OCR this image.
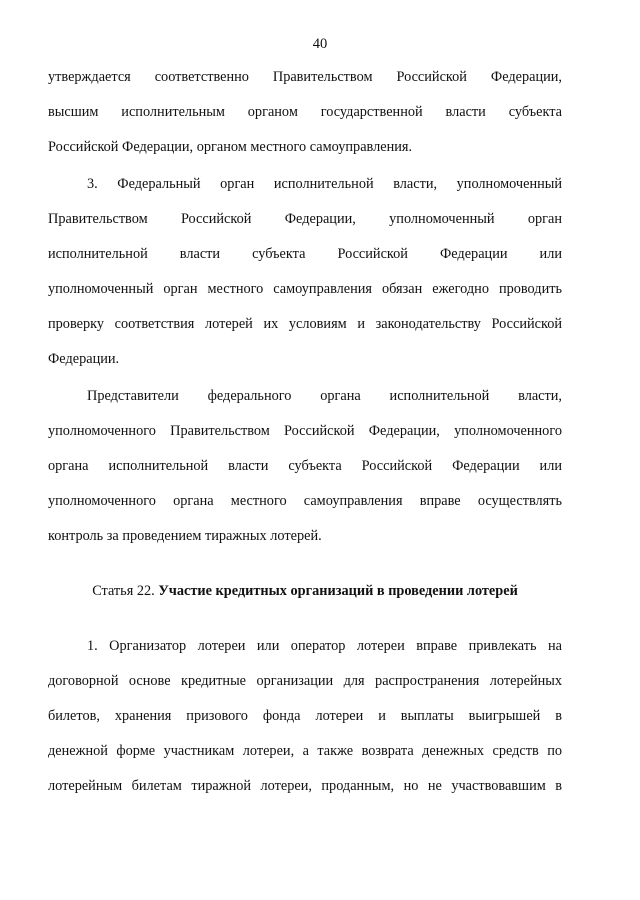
40
утверждается соответственно Правительством Российской Федерации,
высшим исполнительным органом государственной власти субъекта
Российской Федерации, органом местного самоуправления.
3. Федеральный орган исполнительной власти, уполномоченный
Правительством Российской Федерации, уполномоченный орган
исполнительной власти субъекта Российской Федерации или
уполномоченный орган местного самоуправления обязан ежегодно проводить
проверку соответствия лотерей их условиям и законодательству Российской
Федерации.
Представители федерального органа исполнительной власти,
уполномоченного Правительством Российской Федерации, уполномоченного
органа исполнительной власти субъекта Российской Федерации или
уполномоченного органа местного самоуправления вправе осуществлять
контроль за проведением тиражных лотерей.
Статья 22. Участие кредитных организаций в проведении лотерей
1. Организатор лотереи или оператор лотереи вправе привлекать на
договорной основе кредитные организации для распространения лотерейных
билетов, хранения призового фонда лотереи и выплаты выигрышей в
денежной форме участникам лотереи, а также возврата денежных средств по
лотерейным билетам тиражной лотереи, проданным, но не участвовавшим в
